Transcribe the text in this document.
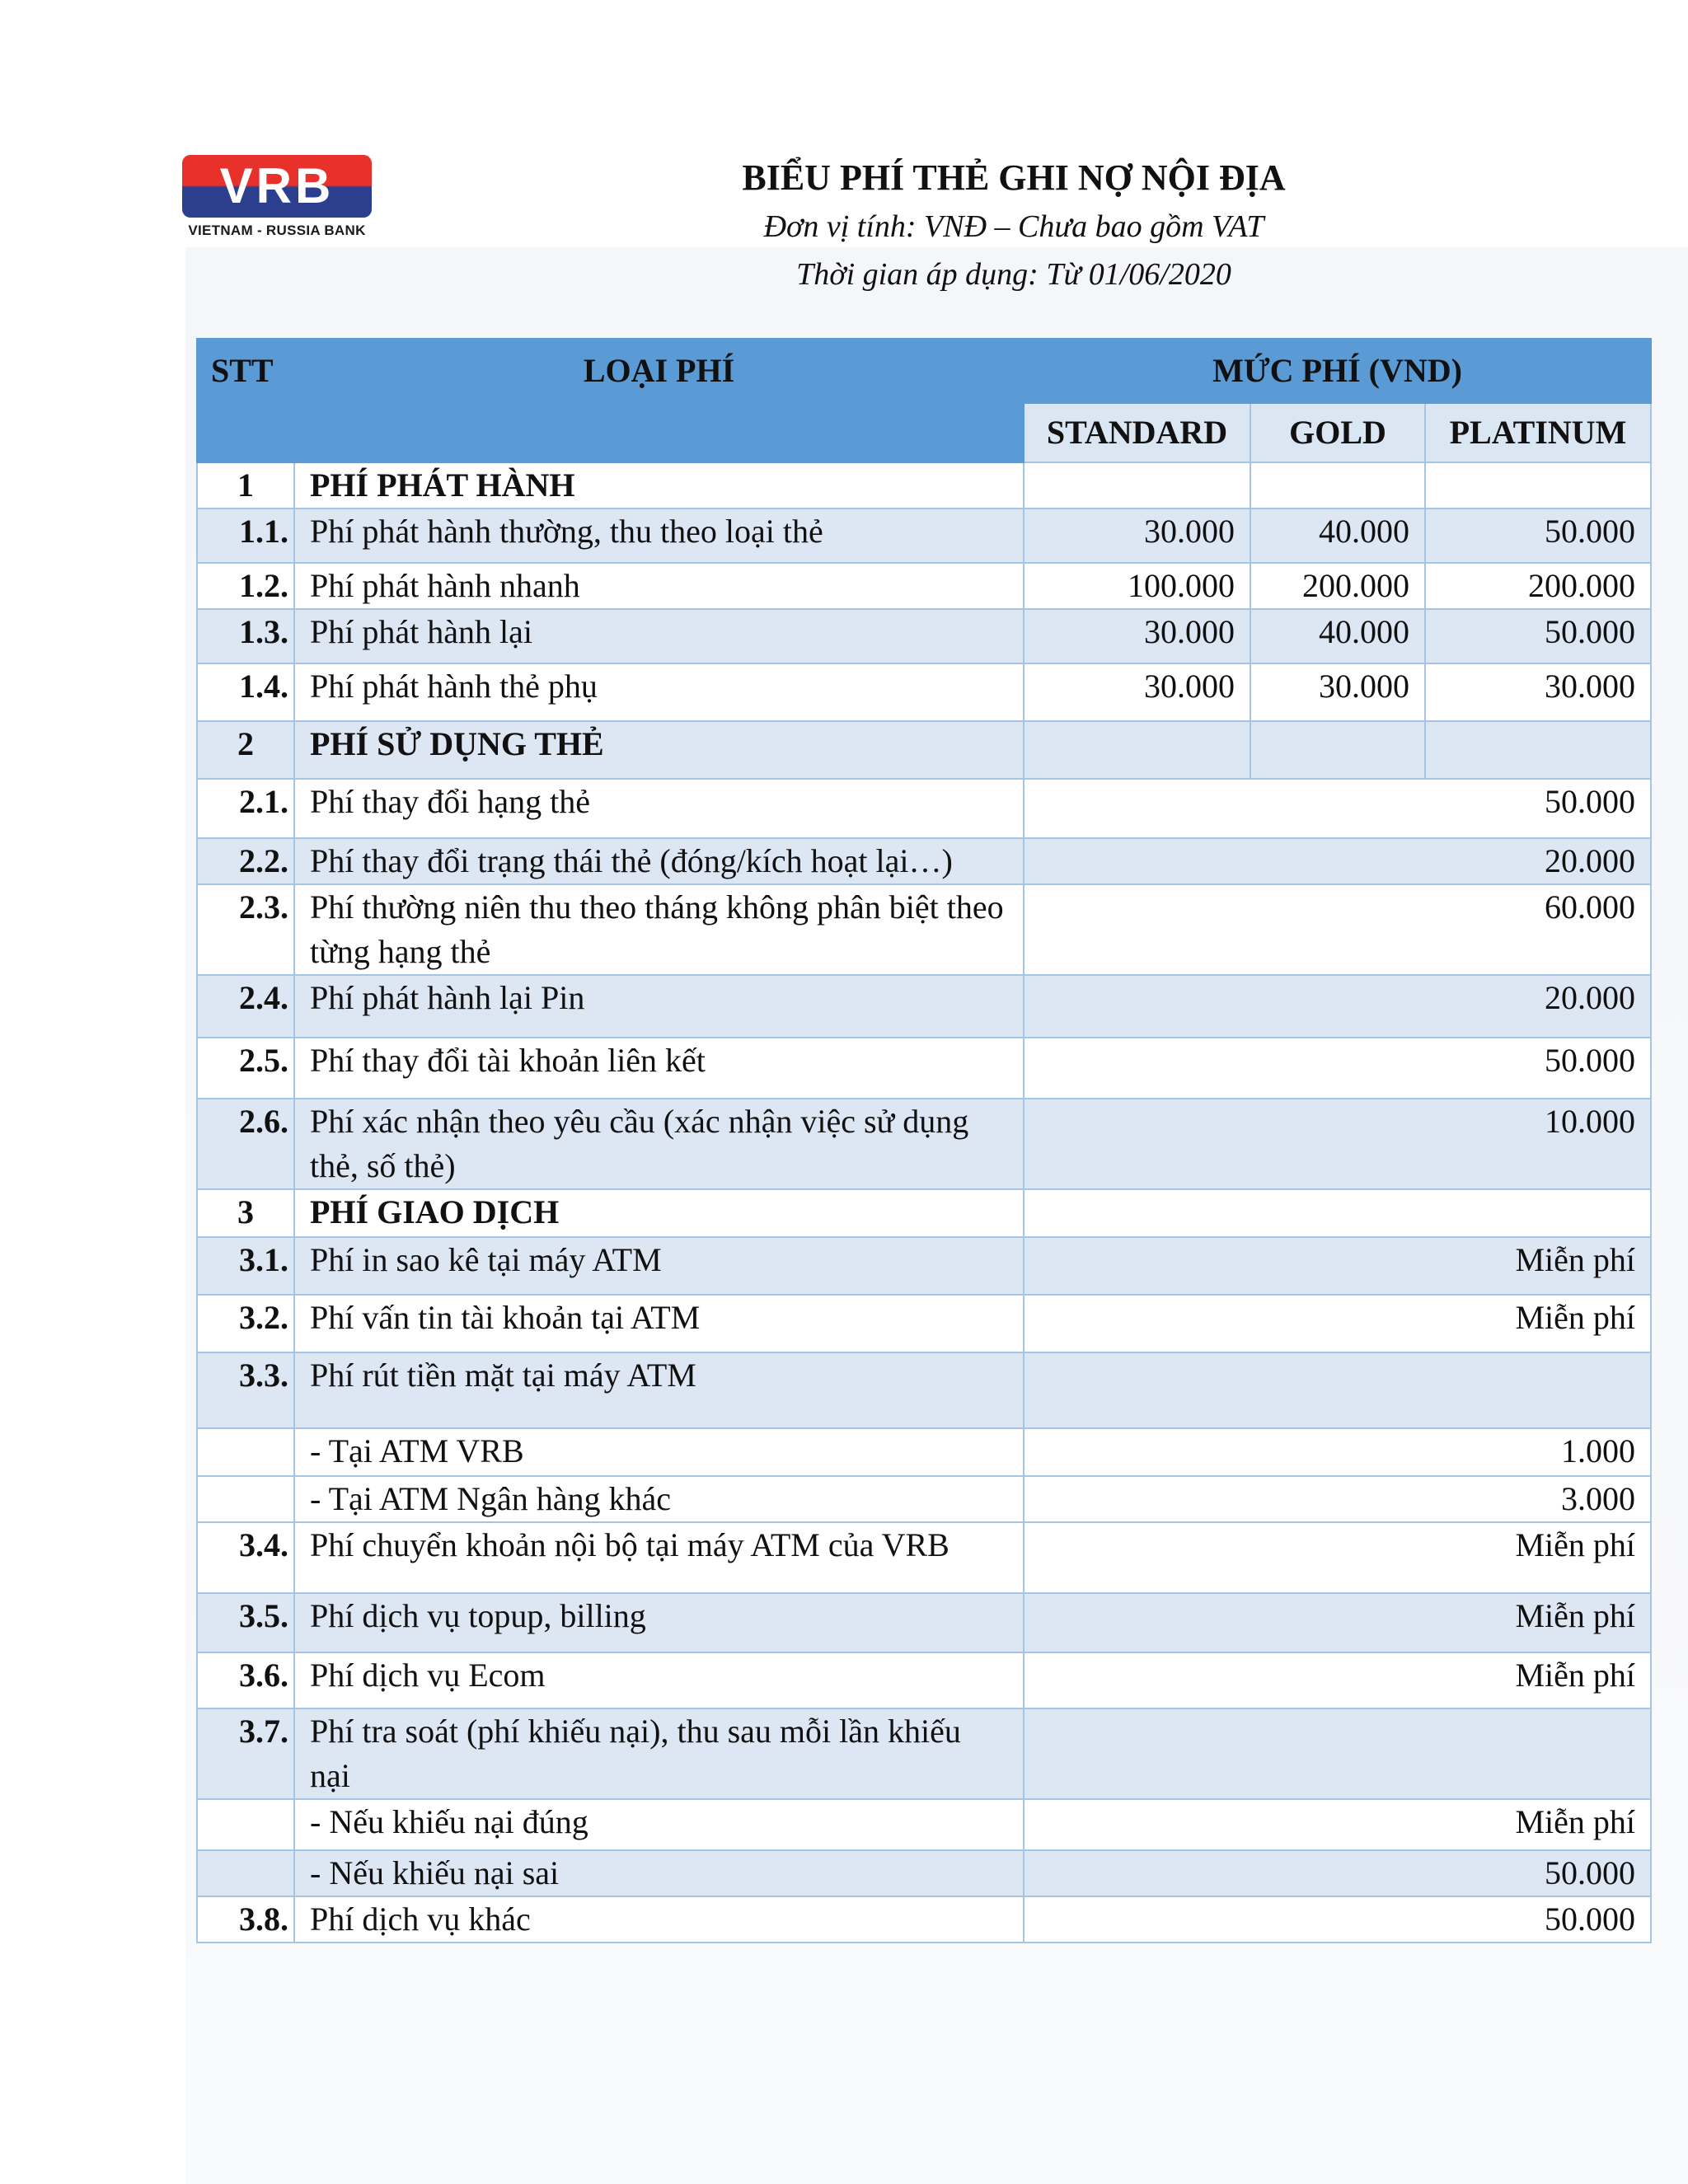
VRB
VIETNAM - RUSSIA BANK
BIỂU PHÍ THẺ GHI NỢ NỘI ĐỊA
Đơn vị tính: VNĐ – Chưa bao gồm VAT
Thời gian áp dụng: Từ 01/06/2020
STT	LOẠI PHÍ	MỨC PHÍ (VND)		
		STANDARD	GOLD	PLATINUM
1	PHÍ PHÁT HÀNH			
1.1.	Phí phát hành thường, thu theo loại thẻ	30.000	40.000	50.000
1.2.	Phí phát hành nhanh	100.000	200.000	200.000
1.3.	Phí phát hành lại	30.000	40.000	50.000
1.4.	Phí phát hành thẻ phụ	30.000	30.000	30.000
2	PHÍ SỬ DỤNG THẺ			
2.1.	Phí thay đổi hạng thẻ	50.000		
2.2.	Phí thay đổi trạng thái thẻ (đóng/kích hoạt lại…)	20.000		
2.3.	Phí thường niên thu theo tháng không phân biệt theo từng hạng thẻ	60.000		
2.4.	Phí phát hành lại Pin	20.000		
2.5.	Phí thay đổi tài khoản liên kết	50.000		
2.6.	Phí xác nhận theo yêu cầu (xác nhận việc sử dụng thẻ, số thẻ)	10.000		
3	PHÍ GIAO DỊCH			
3.1.	Phí in sao kê tại máy ATM	Miễn phí		
3.2.	Phí vấn tin tài khoản tại ATM	Miễn phí		
3.3.	Phí rút tiền mặt tại máy ATM			
	- Tại ATM VRB	1.000		
	- Tại ATM Ngân hàng khác	3.000		
3.4.	Phí chuyển khoản nội bộ tại máy ATM của VRB	Miễn phí		
3.5.	Phí dịch vụ topup, billing	Miễn phí		
3.6.	Phí dịch vụ Ecom	Miễn phí		
3.7.	Phí tra soát (phí khiếu nại), thu sau mỗi lần khiếu nại			
	- Nếu khiếu nại đúng	Miễn phí		
	- Nếu khiếu nại sai	50.000		
3.8.	Phí dịch vụ khác	50.000		
